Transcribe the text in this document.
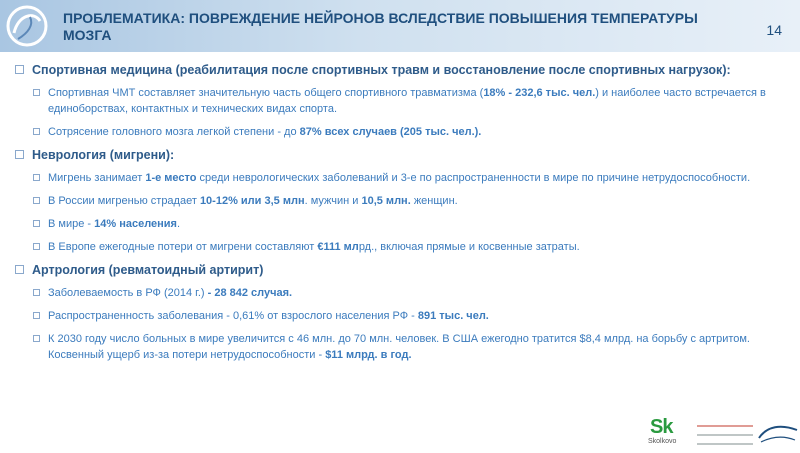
ПРОБЛЕМАТИКА: ПОВРЕЖДЕНИЕ НЕЙРОНОВ ВСЛЕДСТВИЕ ПОВЫШЕНИЯ ТЕМПЕРАТУРЫ МОЗГА	14
Спортивная медицина (реабилитация после спортивных травм и восстановление после спортивных нагрузок):
Спортивная ЧМТ составляет значительную часть общего спортивного травматизма (18% - 232,6 тыс. чел.) и наиболее часто встречается в единоборствах, контактных и технических видах спорта.
Сотрясение головного мозга легкой степени - до 87% всех случаев (205 тыс. чел.).
Неврология (мигрени):
Мигрень занимает 1-е место среди неврологических заболеваний и 3-е по распространенности в мире по причине нетрудоспособности.
В России мигренью страдает 10-12% или 3,5 млн. мужчин и 10,5 млн. женщин.
В мире - 14% населения.
В Европе ежегодные потери от мигрени составляют €111 млрд., включая прямые и косвенные затраты.
Артрология (ревматоидный артирит)
Заболеваемость в РФ (2014 г.) - 28 842 случая.
Распространенность заболевания - 0,61% от взрослого населения РФ - 891 тыс. чел.
К 2030 году число больных в мире увеличится с 46 млн. до 70 млн. человек. В США ежегодно тратится $8,4 млрд. на борьбу с артритом. Косвенный ущерб из-за потери нетрудоспособности - $11 млрд. в год.
Sk
Skolkovo
